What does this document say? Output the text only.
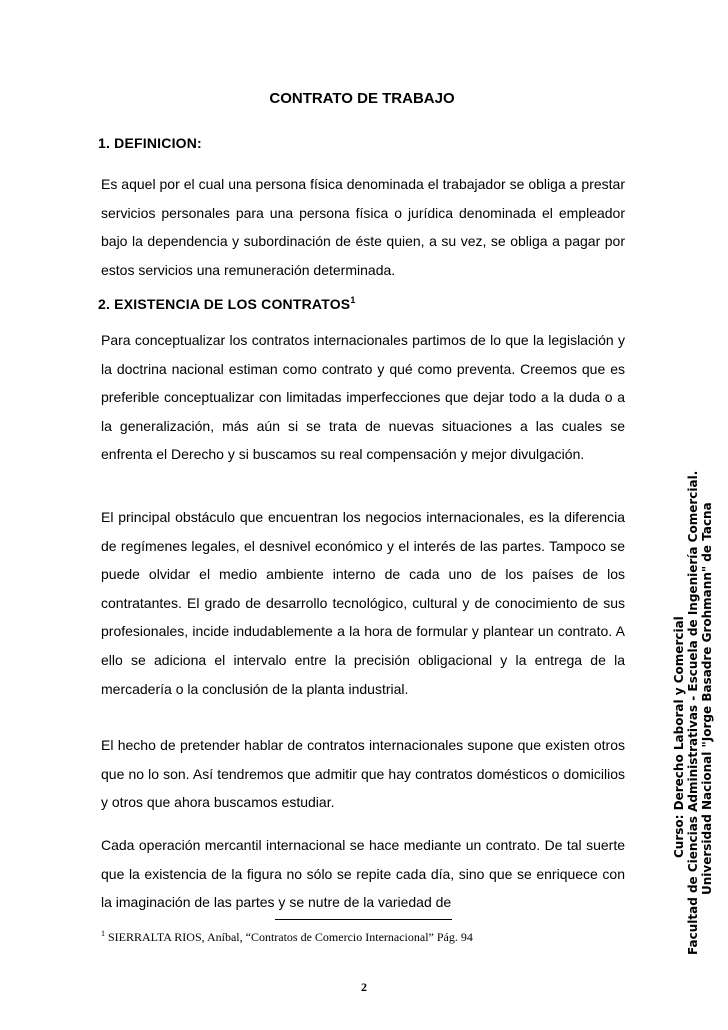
CONTRATO DE TRABAJO
1. DEFINICION:

Es aquel por el cual una persona física denominada el trabajador se obliga a prestar servicios personales para una persona física o jurídica denominada el empleador bajo la dependencia y subordinación de éste quien, a su vez, se obliga a pagar por estos servicios una remuneración determinada.

2. EXISTENCIA DE LOS CONTRATOS$^1$

Para conceptualizar los contratos internacionales partimos de lo que la legislación y la doctrina nacional estiman como contrato y qué como preventa. Creemos que es preferible conceptualizar con limitadas imperfecciones que dejar todo a la duda o a la generalización, más aún si se trata de nuevas situaciones a las cuales se enfrenta el Derecho y si buscamos su real compensación y mejor divulgación.

El principal obstáculo que encuentran los negocios internacionales, es la diferencia de regímenes legales, el desnivel económico y el interés de las partes. Tampoco se puede olvidar el medio ambiente interno de cada uno de los países de los contratantes. El grado de desarrollo tecnológico, cultural y de conocimiento de sus profesionales, incide indudablemente a la hora de formular y plantear un contrato. A ello se adiciona el intervalo entre la precisión obligacional y la entrega de la mercadería o la conclusión de la planta industrial.

El hecho de pretender hablar de contratos internacionales supone que existen otros que no lo son. Así tendremos que admitir que hay contratos domésticos o domicilios y otros que ahora buscamos estudiar.

Cada operación mercantil internacional se hace mediante un contrato. De tal suerte que la existencia de la figura no sólo se repite cada día, sino que se enriquece con la imaginación de las partes y se nutre de la variedad de

$^1$ SIERRALTA RIOS, Aníbal, “Contratos de Comercio Internacional” Pág. 94

2

Curso: Derecho Laboral y Comercial Facultad de Ciencias Administrativas - Escuela de Ingeniería Comercial. Universidad Nacional "Jorge Basadre Grohmann" de Tacna
